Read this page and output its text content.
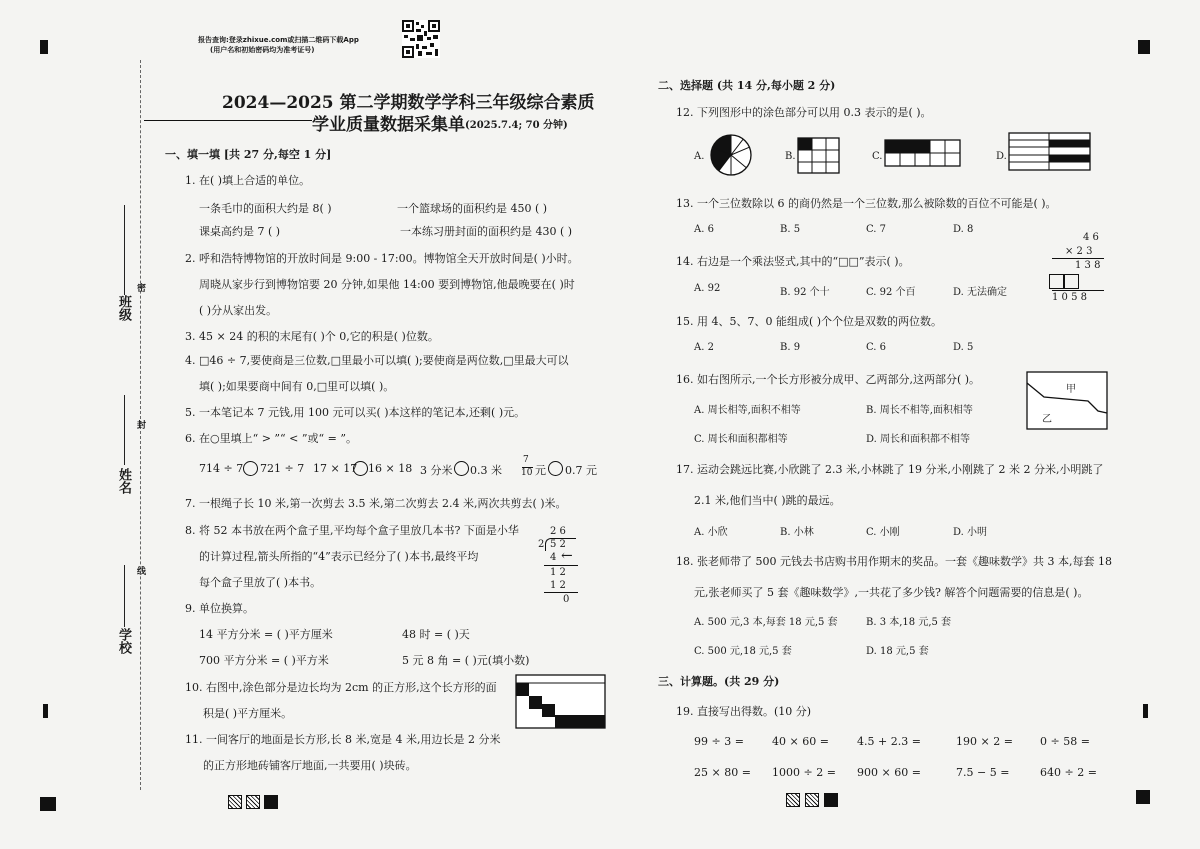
报告查询:登录zhixue.com或扫描二维码下载App
(用户名和初始密码均为准考证号)
2024—2025 第二学期数学学科三年级综合素质
学业质量数据采集单 (2025.7.4; 70 分钟)
班级
密
姓名
封
学校
线
一、填一填 [共 27 分,每空 1 分]
1. 在( )填上合适的单位。
一条毛巾的面积大约是 8( )	一个篮球场的面积约是 450 ( )
课桌高约是 7 ( )	一本练习册封面的面积约是 430 ( )
2. 呼和浩特博物馆的开放时间是 9:00 - 17:00。博物馆全天开放时间是( )小时。
周晓从家步行到博物馆要 20 分钟,如果他 14:00 要到博物馆,他最晚要在( )时
( )分从家出发。
3. 45 × 24 的积的末尾有( )个 0,它的积是( )位数。
4. □46 ÷ 7,要使商是三位数,□里最小可以填( );要使商是两位数,□里最大可以
填( );如果要商中间有 0,□里可以填( )。
5. 一本笔记本 7 元钱,用 100 元可以买( )本这样的笔记本,还剩( )元。
6. 在○里填上“ > ”“ < ”或“ = ”。
714 ÷ 7 721 ÷ 7 17 × 17 16 × 18 3 分米 0.3 米
7
10 元 0.7 元
7. 一根绳子长 10 米,第一次剪去 3.5 米,第二次剪去 2.4 米,两次共剪去( )米。
8. 将 52 本书放在两个盒子里,平均每个盒子里放几本书? 下面是小华
的计算过程,箭头所指的“4”表示已经分了( )本书,最终平均
每个盒子里放了( )本书。
2 6
2 5 2
4 ←
1 2
1 2
0
9. 单位换算。
14 平方分米 = ( )平方厘米	48 时 = ( )天
700 平方分米 = ( )平方米	5 元 8 角 = ( )元(填小数)
10. 右图中,涂色部分是边长均为 2cm 的正方形,这个长方形的面
积是( )平方厘米。
11. 一间客厅的地面是长方形,长 8 米,宽是 4 米,用边长是 2 分米
的正方形地砖铺客厅地面,一共要用( )块砖。
二、选择题 (共 14 分,每小题 2 分)
12. 下列图形中的涂色部分可以用 0.3 表示的是( )。
A.	B.	C.	D.
13. 一个三位数除以 6 的商仍然是一个三位数,那么被除数的百位不可能是( )。
A. 6	B. 5	C. 7	D. 8
14. 右边是一个乘法竖式,其中的“□□”表示( )。
A. 92	B. 92 个十	C. 92 个百	D. 无法确定
4 6
× 2 3
1 3 8
1 0 5 8
15. 用 4、5、7、0 能组成( )个个位是双数的两位数。
A. 2	B. 9	C. 6	D. 5
16. 如右图所示,一个长方形被分成甲、乙两部分,这两部分( )。
A. 周长相等,面积不相等	B. 周长不相等,面积相等
C. 周长和面积都相等	D. 周长和面积都不相等
甲
乙
17. 运动会跳远比赛,小欣跳了 2.3 米,小林跳了 19 分米,小刚跳了 2 米 2 分米,小明跳了
2.1 米,他们当中( )跳的最远。
A. 小欣	B. 小林	C. 小刚	D. 小明
18. 张老师带了 500 元钱去书店购书用作期末的奖品。一套《趣味数学》共 3 本,每套 18
元,张老师买了 5 套《趣味数学》,一共花了多少钱? 解答个问题需要的信息是( )。
A. 500 元,3 本,每套 18 元,5 套	B. 3 本,18 元,5 套
C. 500 元,18 元,5 套	D. 18 元,5 套
三、计算题。(共 29 分)
19. 直接写出得数。(10 分)
99 ÷ 3 =	40 × 60 =	4.5 + 2.3 =	190 × 2 = 0 ÷ 58 =
25 × 80 = 1000 ÷ 2 = 900 × 60 =	7.5 − 5 =	640 ÷ 2 =
